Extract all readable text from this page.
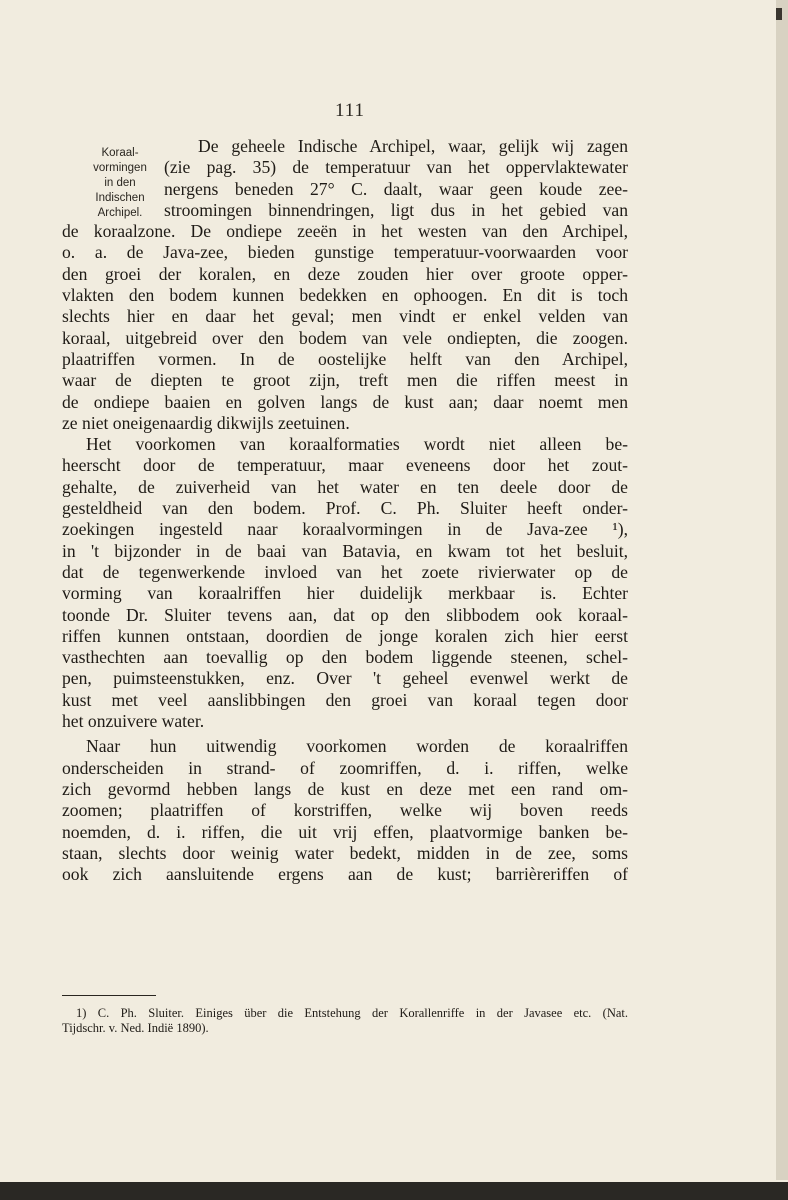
111
Koraal-
vormingen
in den
Indischen
Archipel.
De geheele Indische Archipel, waar, gelijk wij zagen
(zie pag. 35) de temperatuur van het oppervlaktewater
nergens beneden 27° C. daalt, waar geen koude zee-
stroomingen binnendringen, ligt dus in het gebied van
de koraalzone. De ondiepe zeeën in het westen van den Archipel,
o. a. de Java-zee, bieden gunstige temperatuur-voorwaarden voor
den groei der koralen, en deze zouden hier over groote opper-
vlakten den bodem kunnen bedekken en ophoogen. En dit is toch
slechts hier en daar het geval; men vindt er enkel velden van
koraal, uitgebreid over den bodem van vele ondiepten, die zoogen.
plaatriffen vormen. In de oostelijke helft van den Archipel,
waar de diepten te groot zijn, treft men die riffen meest in
de ondiepe baaien en golven langs de kust aan; daar noemt men
ze niet oneigenaardig dikwijls zeetuinen.
Het voorkomen van koraalformaties wordt niet alleen be-
heerscht door de temperatuur, maar eveneens door het zout-
gehalte, de zuiverheid van het water en ten deele door de
gesteldheid van den bodem. Prof. C. Ph. Sluiter heeft onder-
zoekingen ingesteld naar koraalvormingen in de Java-zee ¹),
in 't bijzonder in de baai van Batavia, en kwam tot het besluit,
dat de tegenwerkende invloed van het zoete rivierwater op de
vorming van koraalriffen hier duidelijk merkbaar is. Echter
toonde Dr. Sluiter tevens aan, dat op den slibbodem ook koraal-
riffen kunnen ontstaan, doordien de jonge koralen zich hier eerst
vasthechten aan toevallig op den bodem liggende steenen, schel-
pen, puimsteenstukken, enz. Over 't geheel evenwel werkt de
kust met veel aanslibbingen den groei van koraal tegen door
het onzuivere water.
Naar hun uitwendig voorkomen worden de koraalriffen
onderscheiden in strand- of zoomriffen, d. i. riffen, welke
zich gevormd hebben langs de kust en deze met een rand om-
zoomen; plaatriffen of korstriffen, welke wij boven reeds
noemden, d. i. riffen, die uit vrij effen, plaatvormige banken be-
staan, slechts door weinig water bedekt, midden in de zee, soms
ook zich aansluitende ergens aan de kust; barrièreriffen of
1) C. Ph. Sluiter. Einiges über die Entstehung der Korallenriffe in der Javasee etc. (Nat.
Tijdschr. v. Ned. Indië 1890).
